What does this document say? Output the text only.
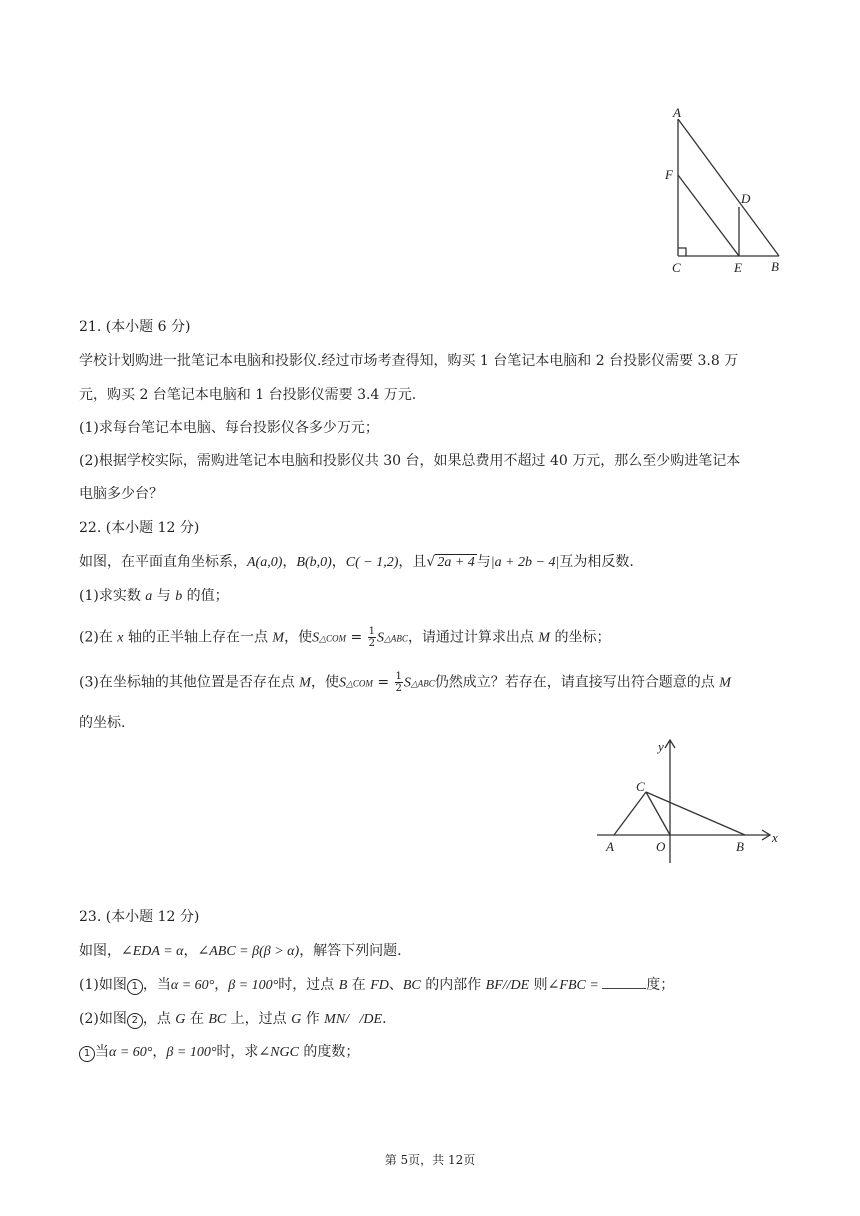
A
F
D
C	E B
21. (本小题 6 分)
学校计划购进一批笔记本电脑和投影仪.经过市场考查得知，购买 1 台笔记本电脑和 2 台投影仪需要 3.8 万
元，购买 2 台笔记本电脑和 1 台投影仪需要 3.4 万元.
(1)求每台笔记本电脑、每台投影仪各多少万元；
(2)根据学校实际，需购进笔记本电脑和投影仪共 30 台，如果总费用不超过 40 万元，那么至少购进笔记本
电脑多少台？
22. (本小题 12 分)
如图，在平面直角坐标系，A(a,0)，B(b,0)，C( − 1,2)，且√ 2a + 4 与|a + 2b − 4|互为相反数.
(1)求实数 a 与 b 的值；
(2)在 x 轴的正半轴上存在一点 M，使S△COM = $\frac{1}{2}$ S△ABC，请通过计算求出点 M 的坐标；
(3)在坐标轴的其他位置是否存在点 M，使S△COM = $\frac{1}{2}$ S△ABC仍然成立？若存在，请直接写出符合题意的点 M
的坐标.
y
x
C
A	O	B
23. (本小题 12 分)
如图，∠EDA = α，∠ABC = β(β > α)，解答下列问题.
(1)如图 1 ，当α = 60°，β = 100°时，过点 B 在 FD、BC 的内部作 BF//DE 则∠FBC =	度；
(2)如图 2 ，点 G 在 BC 上，过点 G 作 MN/   /DE.
1 当α = 60°，β = 100°时，求∠NGC 的度数；
第 5页，共 12页
